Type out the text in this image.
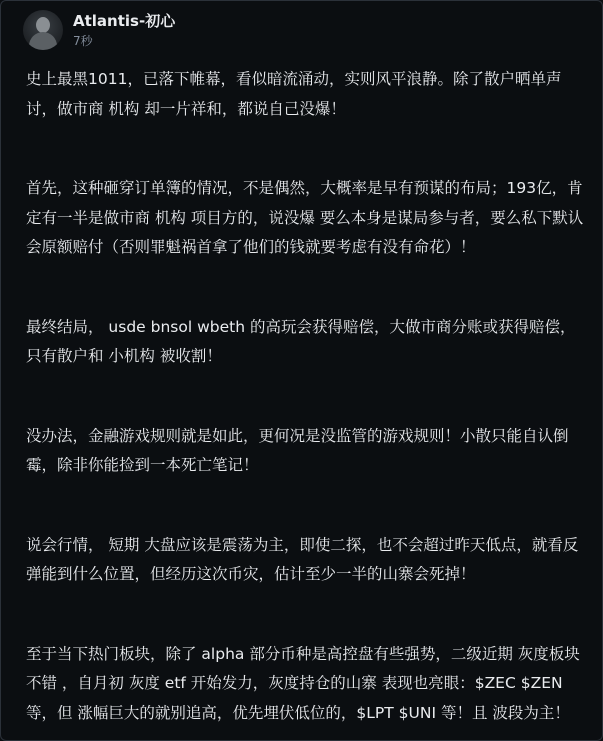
Atlantis-初心
7秒

史上最黑1011，已落下帷幕，看似暗流涌动，实则风平浪静。除了散户晒单声讨，做市商 机构 却一片祥和，都说自己没爆！

首先，这种砸穿订单簿的情况，不是偶然，大概率是早有预谋的布局；193亿，肯定有一半是做市商 机构 项目方的，说没爆 要么本身是谋局参与者，要么私下默认会原额赔付（否则罪魁祸首拿了他们的钱就要考虑有没有命花）！

最终结局， usde bnsol wbeth 的高玩会获得赔偿，大做市商分账或获得赔偿，只有散户和 小机构 被收割！

没办法，金融游戏规则就是如此，更何况是没监管的游戏规则！小散只能自认倒霉，除非你能捡到一本死亡笔记！

说会行情， 短期 大盘应该是震荡为主，即使二探，也不会超过昨天低点，就看反弹能到什么位置，但经历这次币灾，估计至少一半的山寨会死掉！

至于当下热门板块，除了 alpha 部分币种是高控盘有些强势，二级近期 灰度板块不错 ，自月初 灰度 etf 开始发力，灰度持仓的山寨 表现也亮眼：$ZEC $ZEN 等，但 涨幅巨大的就别追高，优先埋伏低位的，$LPT $UNI 等！且 波段为主！
